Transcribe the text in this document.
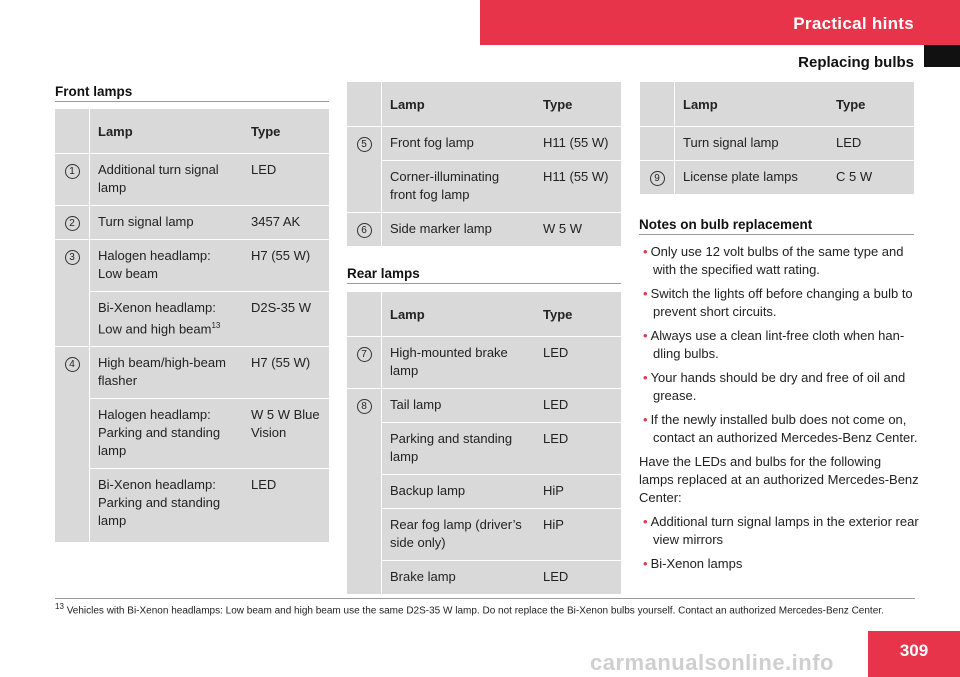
Practical hints
Replacing bulbs
Front lamps
	Lamp	Type
1	Additional turn signal lamp	LED
2	Turn signal lamp	3457 AK
3	Halogen headlamp: Low beam	H7 (55 W)
	Bi-Xenon headlamp: Low and high beam$^{13}$	D2S-35 W
4	High beam/high-beam flasher	H7 (55 W)
	Halogen headlamp: Parking and standing lamp	W 5 W Blue Vision
	Bi-Xenon headlamp: Parking and standing lamp	LED
	Lamp	Type
5	Front fog lamp	H11 (55 W)
	Corner-illuminating front fog lamp	H11 (55 W)
6	Side marker lamp	W 5 W
Rear lamps
	Lamp	Type
7	High-mounted brake lamp	LED
8	Tail lamp	LED
	Parking and standing lamp	LED
	Backup lamp	HiP
	Rear fog lamp (driver’s side only)	HiP
	Brake lamp	LED
	Lamp	Type
	Turn signal lamp	LED
9	License plate lamps	C 5 W
Notes on bulb replacement
• Only use 12 volt bulbs of the same type and with the specified watt rating.
• Switch the lights off before changing a bulb to prevent short circuits.
• Always use a clean lint-free cloth when han-dling bulbs.
• Your hands should be dry and free of oil and grease.
• If the newly installed bulb does not come on, contact an authorized Mercedes-Benz Center.
Have the LEDs and bulbs for the following lamps replaced at an authorized Mercedes-Benz Center:
• Additional turn signal lamps in the exterior rear view mirrors
• Bi-Xenon lamps
$^{13}$ Vehicles with Bi-Xenon headlamps: Low beam and high beam use the same D2S-35 W lamp. Do not replace the Bi-Xenon bulbs yourself. Contact an authorized Mercedes-Benz Center.
309
carmanualsonline.info
